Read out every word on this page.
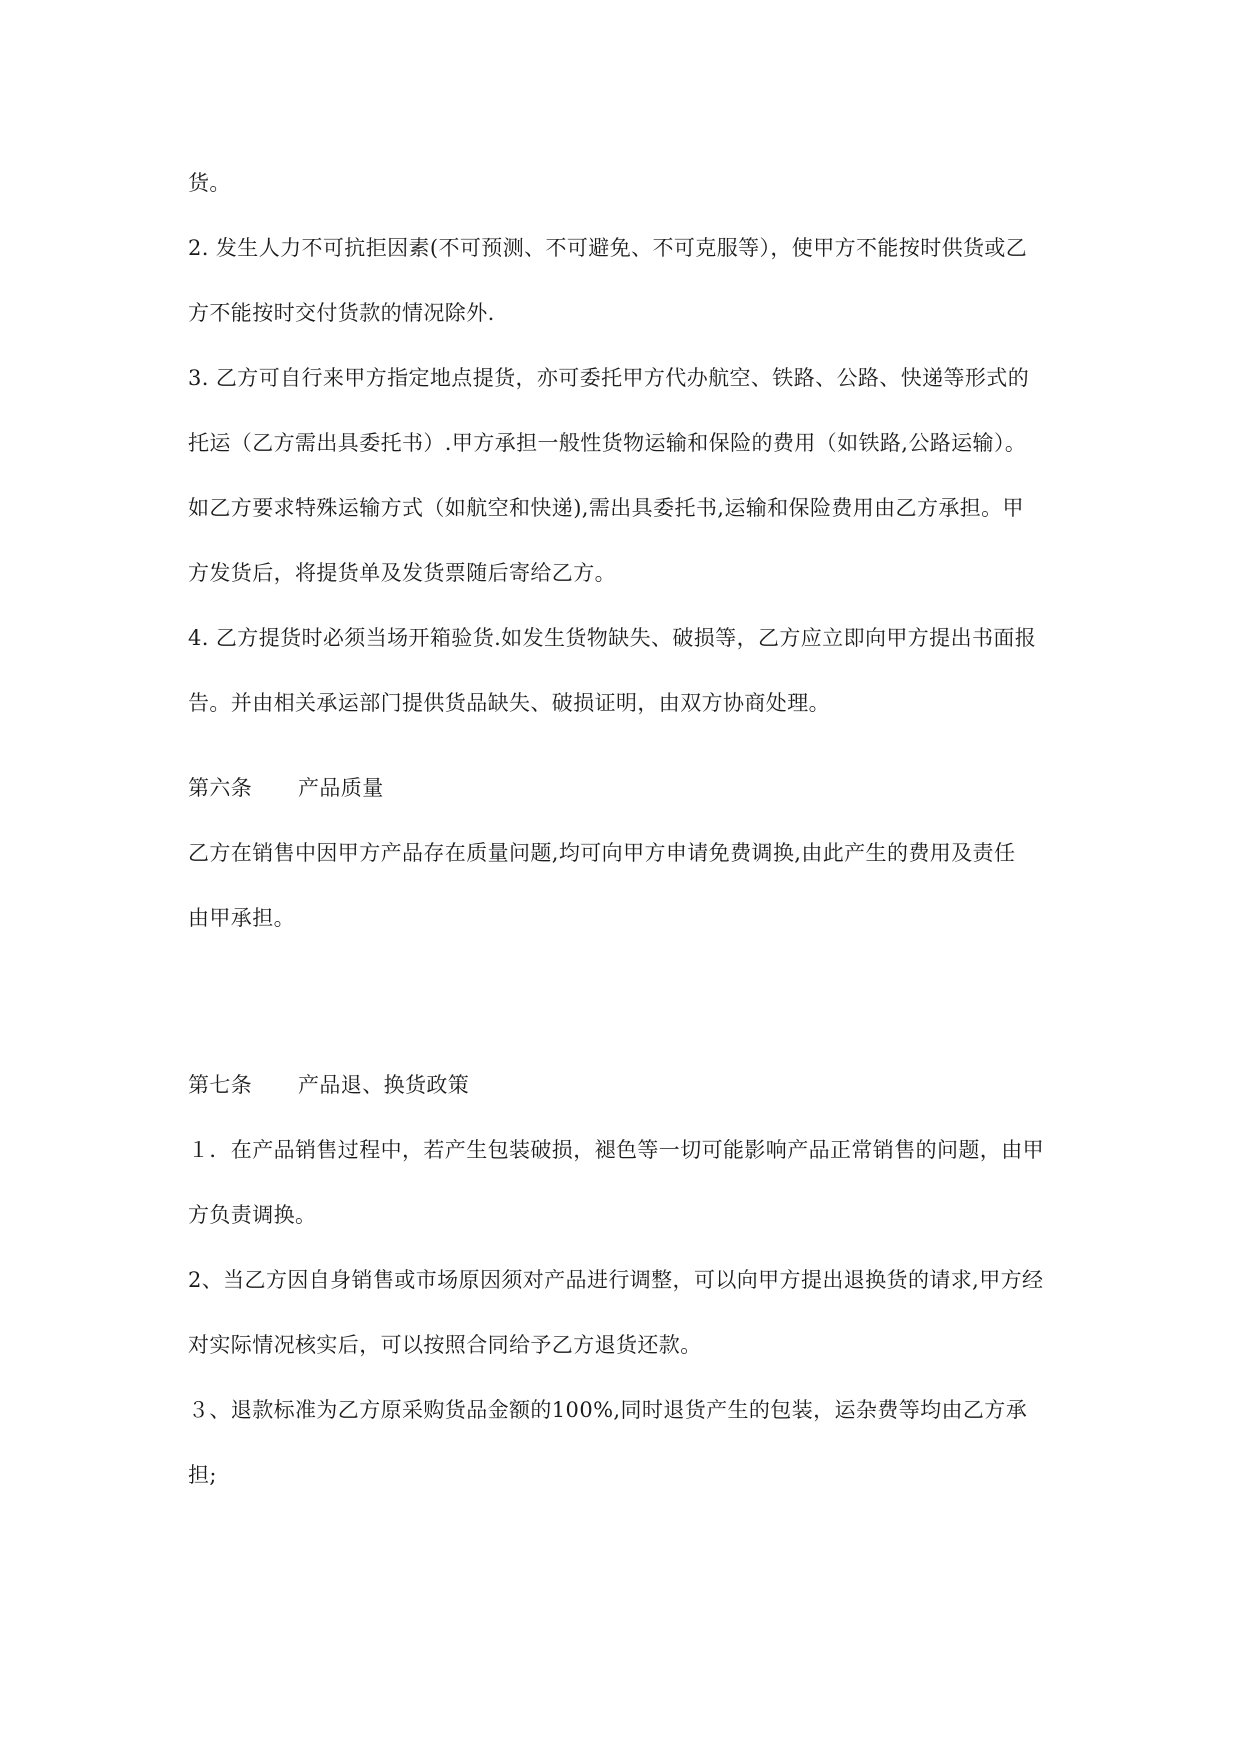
货。
2. 发生人力不可抗拒因素(不可预测、不可避免、不可克服等），使甲方不能按时供货或乙
方不能按时交付货款的情况除外.
3. 乙方可自行来甲方指定地点提货，亦可委托甲方代办航空、铁路、公路、快递等形式的
托运（乙方需出具委托书）.甲方承担一般性货物运输和保险的费用（如铁路,公路运输）。
如乙方要求特殊运输方式（如航空和快递),需出具委托书,运输和保险费用由乙方承担。甲
方发货后，将提货单及发货票随后寄给乙方。
4. 乙方提货时必须当场开箱验货.如发生货物缺失、破损等，乙方应立即向甲方提出书面报
告。并由相关承运部门提供货品缺失、破损证明，由双方协商处理。
第六条 产品质量
乙方在销售中因甲方产品存在质量问题,均可向甲方申请免费调换,由此产生的费用及责任
由甲承担。
第七条 产品退、换货政策
１．在产品销售过程中，若产生包装破损，褪色等一切可能影响产品正常销售的问题，由甲
方负责调换。
2、当乙方因自身销售或市场原因须对产品进行调整，可以向甲方提出退换货的请求,甲方经
对实际情况核实后，可以按照合同给予乙方退货还款。
３、退款标准为乙方原采购货品金额的100%,同时退货产生的包装，运杂费等均由乙方承
担;
